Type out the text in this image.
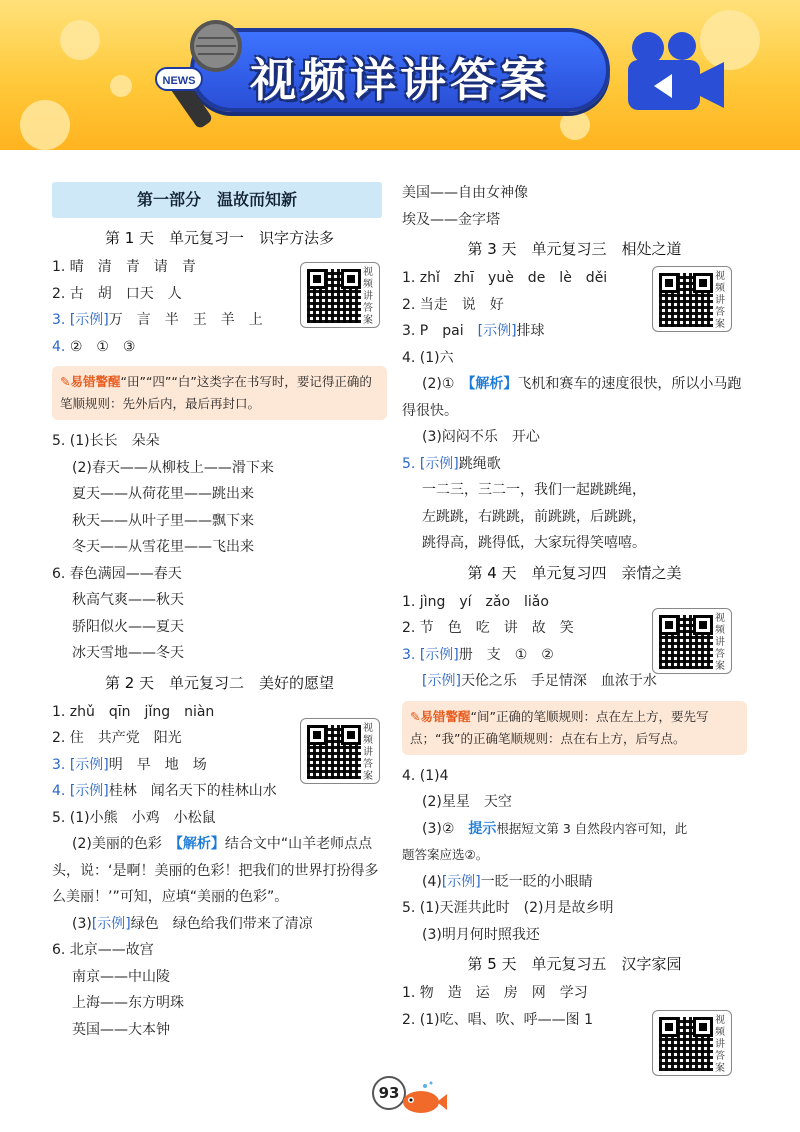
视频详讲答案
NEWS
第一部分　温故而知新
第 1 天　单元复习一　识字方法多
1. 晴　清　青　请　青
2. 古　胡　口天　人
3. [示例]万　言　半　王　羊　上
4. ②　①　③
✎易错警醒“田”“四”“白”这类字在书写时，要记得正确的笔顺规则：先外后内，最后再封口。
5. (1)长长　朵朵
(2)春天——从柳枝上——滑下来
夏天——从荷花里——跳出来
秋天——从叶子里——飘下来
冬天——从雪花里——飞出来
6. 春色满园——春天
秋高气爽——秋天
骄阳似火——夏天
冰天雪地——冬天
第 2 天　单元复习二　美好的愿望
1. zhǔ　qīn　jǐng　niàn
2. 住　共产党　阳光
3. [示例]明　早　地　场
4. [示例]桂林　闻名天下的桂林山水
5. (1)小熊　小鸡　小松鼠
(2)美丽的色彩　【解析】结合文中“山羊老师点点
头，说：‘是啊！美丽的色彩！把我们的世界打扮得多
么美丽！’”可知，应填“美丽的色彩”。
(3)[示例]绿色　绿色给我们带来了清凉
6. 北京——故宫
南京——中山陵
上海——东方明珠
英国——大本钟
视频讲答案
视频讲答案
美国——自由女神像
埃及——金字塔
第 3 天　单元复习三　相处之道
1. zhǐ　zhī　yuè　de　lè　děi
2. 当走　说　好
3. P　pai　[示例]排球
4. (1)六
(2)①　【解析】飞机和赛车的速度很快，所以小马跑
得很快。
(3)闷闷不乐　开心
5. [示例]跳绳歌
一二三，三二一，我们一起跳跳绳，
左跳跳，右跳跳，前跳跳，后跳跳，
跳得高，跳得低，大家玩得笑嘻嘻。
第 4 天　单元复习四　亲情之美
1. jìng　yí　zǎo　liǎo
2. 节　色　吃　讲　故　笑
3. [示例]册　支　①　②
[示例]天伦之乐　手足情深　血浓于水
✎易错警醒“间”正确的笔顺规则：点在左上方，要先写点；“我”的正确笔顺规则：点在右上方，后写点。
4. (1)4
(2)星星　天空
(3)②　提示根据短文第 3 自然段内容可知，此
题答案应选②。
(4)[示例]一眨一眨的小眼睛
5. (1)天涯共此时　(2)月是故乡明
(3)明月何时照我还
第 5 天　单元复习五　汉字家园
1. 物　造　运　房　网　学习
2. (1)吃、唱、吹、呼——图 1
视频讲答案
视频讲答案
视频讲答案
93
